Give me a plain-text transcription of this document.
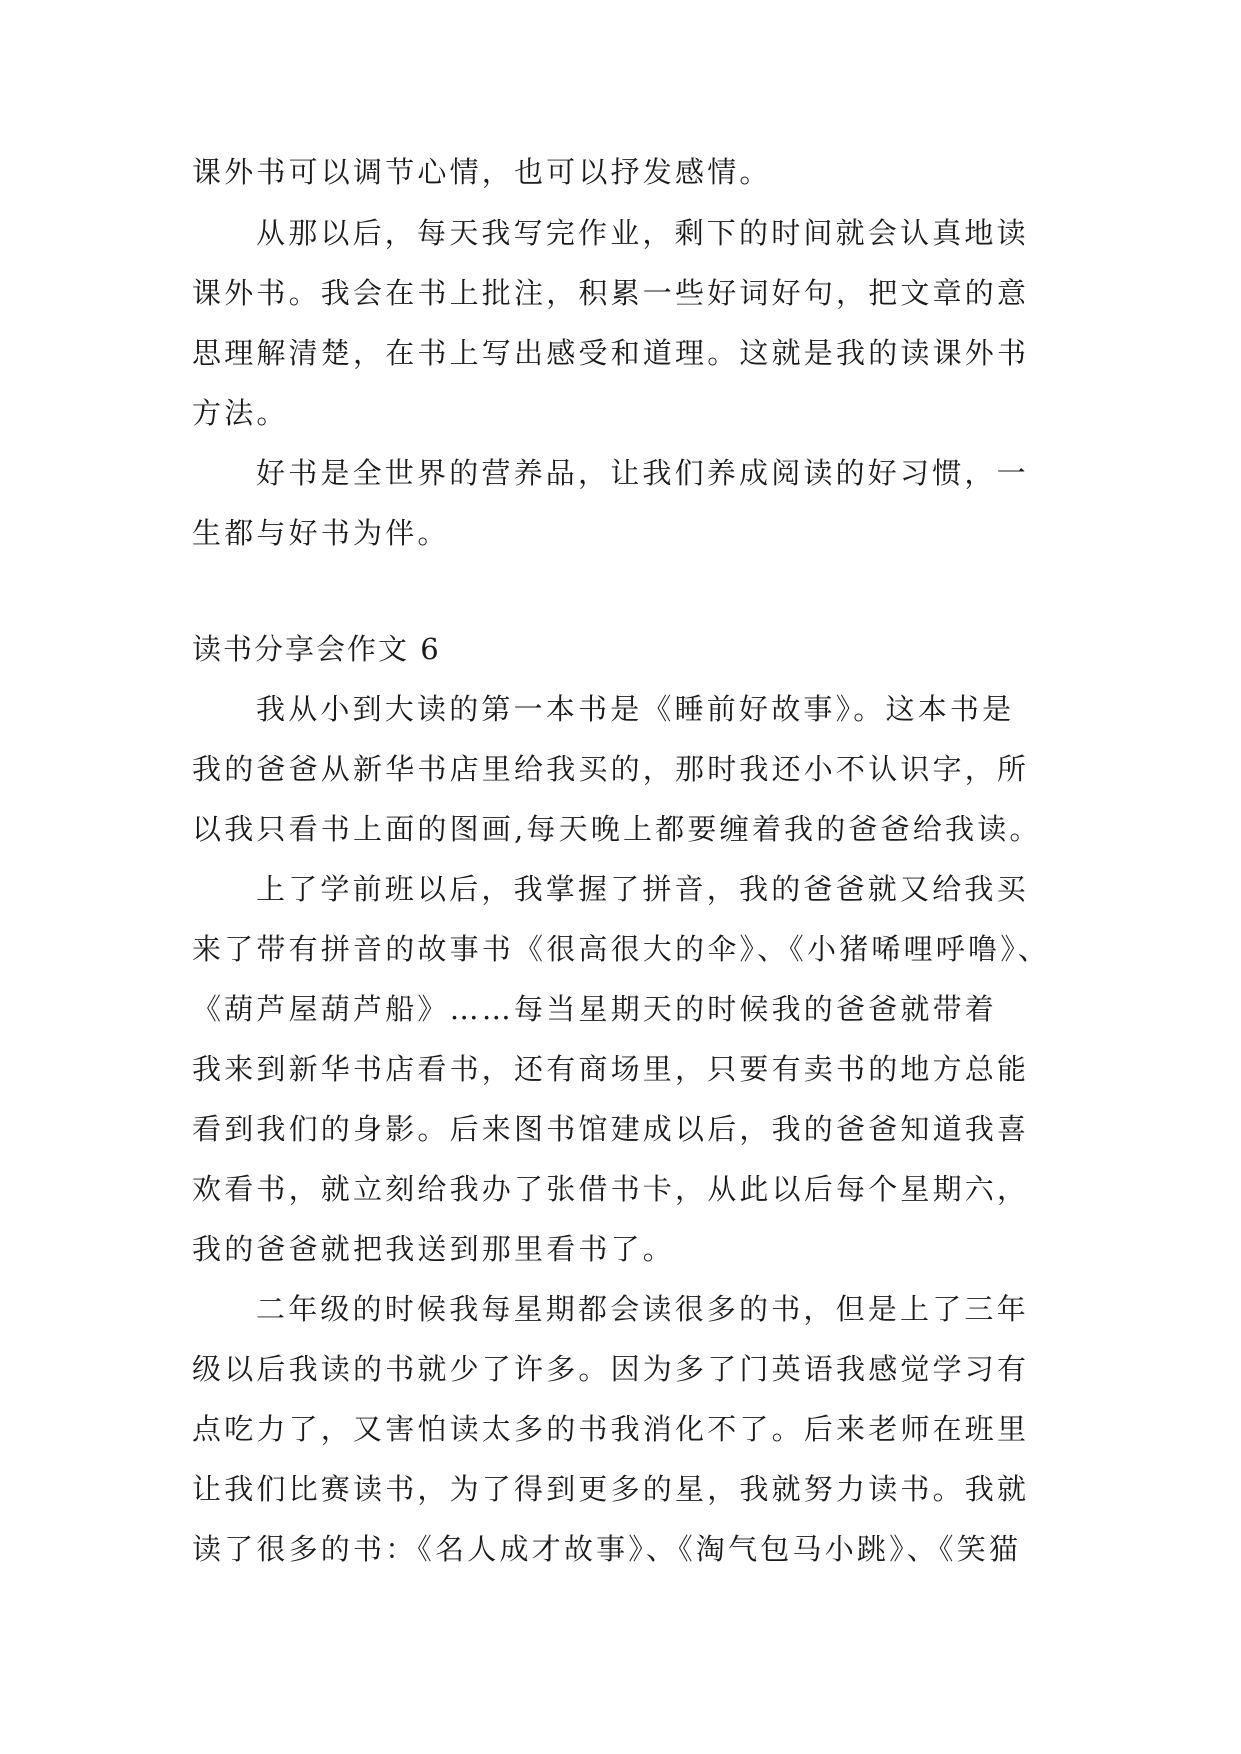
课外书可以调节心情，也可以抒发感情。
从那以后，每天我写完作业，剩下的时间就会认真地读
课外书。我会在书上批注，积累一些好词好句，把文章的意
思理解清楚，在书上写出感受和道理。这就是我的读课外书
方法。
好书是全世界的营养品，让我们养成阅读的好习惯，一
生都与好书为伴。
读书分享会作文 6
我从小到大读的第一本书是《睡前好故事》。这本书是
我的爸爸从新华书店里给我买的，那时我还小不认识字，所
以我只看书上面的图画,每天晚上都要缠着我的爸爸给我读。
上了学前班以后，我掌握了拼音，我的爸爸就又给我买
来了带有拼音的故事书《很高很大的伞》、《小猪唏哩呼噜》、
《葫芦屋葫芦船》……每当星期天的时候我的爸爸就带着
我来到新华书店看书，还有商场里，只要有卖书的地方总能
看到我们的身影。后来图书馆建成以后，我的爸爸知道我喜
欢看书，就立刻给我办了张借书卡，从此以后每个星期六，
我的爸爸就把我送到那里看书了。
二年级的时候我每星期都会读很多的书，但是上了三年
级以后我读的书就少了许多。因为多了门英语我感觉学习有
点吃力了，又害怕读太多的书我消化不了。后来老师在班里
让我们比赛读书，为了得到更多的星，我就努力读书。我就
读了很多的书：《名人成才故事》、《淘气包马小跳》、《笑猫
